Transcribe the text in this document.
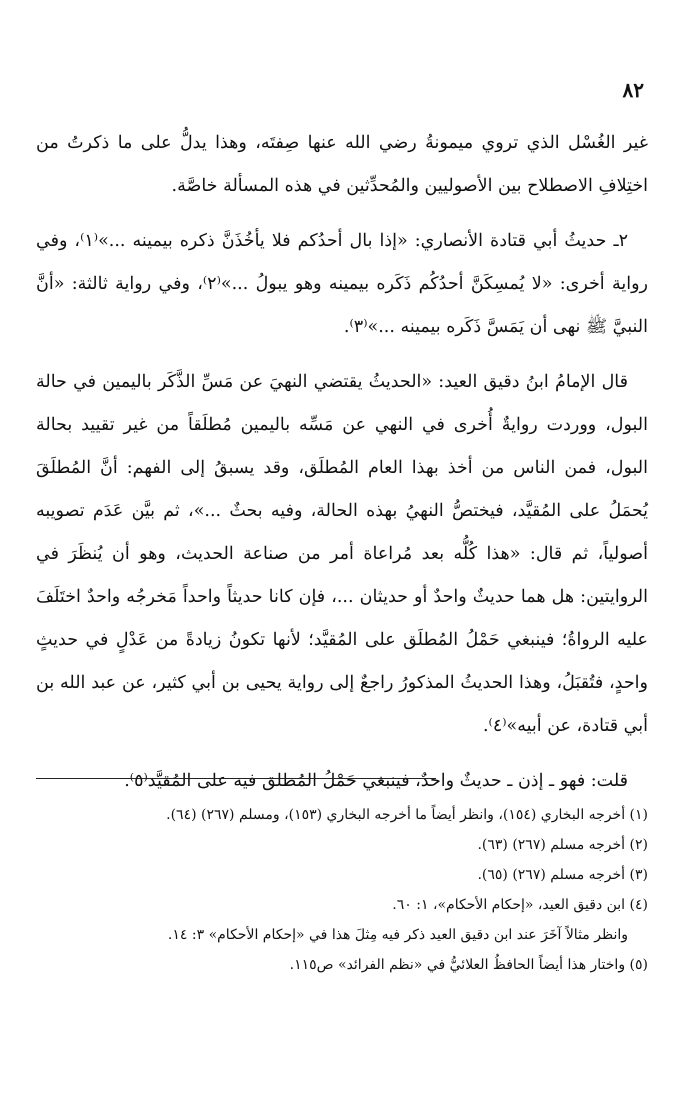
٨٢

غير الغُسْل الذي تروي ميمونةُ رضي الله عنها صِفتَه، وهذا يدلُّ على ما ذكرتُ من اختِلافِ الاصطلاح بين الأصوليين والمُحدِّثين في هذه المسألة خاصَّة.

٢ـ حديثُ أبي قتادة الأنصاري: «إذا بال أحدُكم فلا يأخُذَنَّ ذكره بيمينه ...»⁽١⁾، وفي رواية أخرى: «لا يُمسِكَنَّ أحدُكُم ذَكَره بيمينه وهو يبولُ ...»⁽٢⁾، وفي رواية ثالثة: «أنَّ النبيَّ ﷺ نهى أن يَمَسَّ ذَكَره بيمينه ...»⁽٣⁾.

قال الإمامُ ابنُ دقيق العيد: «الحديثُ يقتضي النهيَ عن مَسِّ الذَّكَر باليمين في حالة البول، ووردت روايةٌ أُخرى في النهي عن مَسِّه باليمين مُطلَقاً من غير تقييد بحالة البول، فمن الناس من أخذ بهذا العام المُطلَق، وقد يسبقُ إلى الفهم: أنَّ المُطلَقَ يُحمَلُ على المُقيَّد، فيختصُّ النهيُ بهذه الحالة، وفيه بحثٌ ...»، ثم بيَّن عَدَم تصويبه أصولياً، ثم قال: «هذا كُلُّه بعد مُراعاة أمر من صناعة الحديث، وهو أن يُنظَرَ في الروايتين: هل هما حديثٌ واحدٌ أو حديثان ...، فإن كانا حديثاً واحداً مَخرجُه واحدٌ اختَلَفَ عليه الرواةُ؛ فينبغي حَمْلُ المُطلَق على المُقيَّد؛ لأنها تكونُ زيادةً من عَدْلٍ في حديثٍ واحدٍ، فتُقبَلُ، وهذا الحديثُ المذكورُ راجعٌ إلى رواية يحيى بن أبي كثير، عن عبد الله بن أبي قتادة، عن أبيه»⁽٤⁾.

قلت: فهو ـ إذن ـ حديثٌ واحدٌ، فينبغي حَمْلُ المُطلق فيه على المُقيَّد⁽٥⁾.

(١) أخرجه البخاري (١٥٤)، وانظر أيضاً ما أخرجه البخاري (١٥٣)، ومسلم (٢٦٧) (٦٤).

(٢) أخرجه مسلم (٢٦٧) (٦٣).

(٣) أخرجه مسلم (٢٦٧) (٦٥).

(٤) ابن دقيق العيد، «إحكام الأحكام»، ١: ٦٠.

وانظر مثالاً آخَرَ عند ابن دقيق العيد ذكر فيه مِثلَ هذا في «إحكام الأحكام» ٣: ١٤.

(٥) واختار هذا أيضاً الحافظُ العلائيُّ في «نظم الفرائد» ص١١٥.
